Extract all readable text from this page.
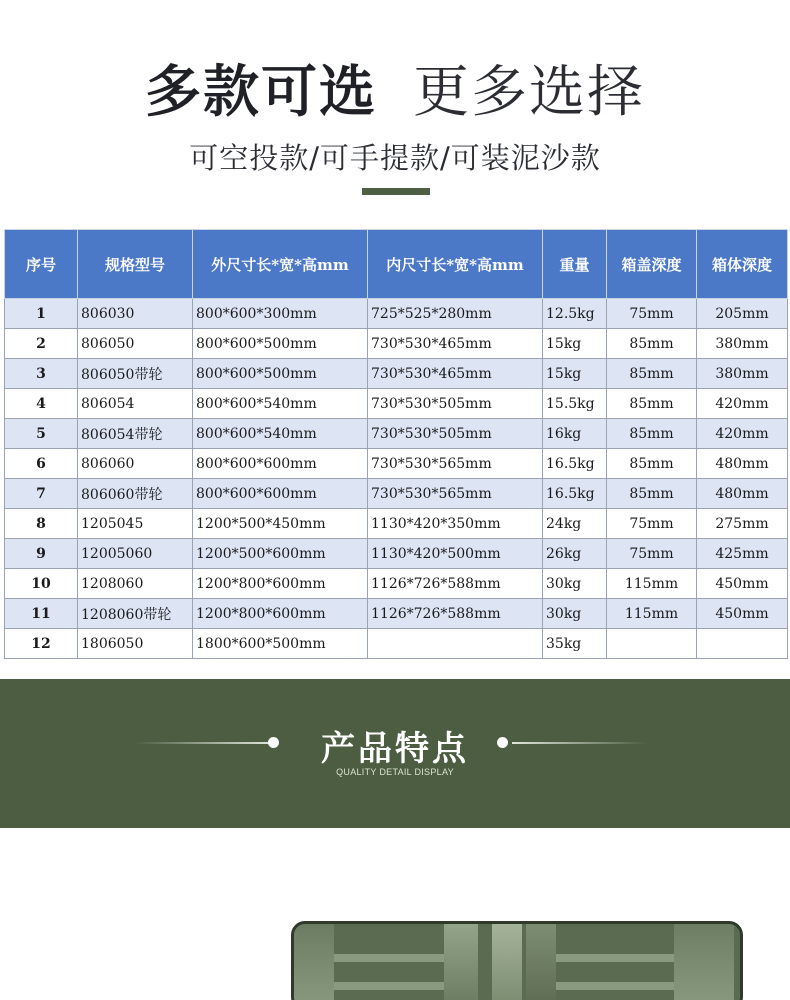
多款可选 更多选择
可空投款/可手提款/可装泥沙款
序号	规格型号	外尺寸长*宽*高mm	内尺寸长*宽*高mm	重量	箱盖深度	箱体深度
1	806030	800*600*300mm	725*525*280mm	12.5kg	75mm	205mm
2	806050	800*600*500mm	730*530*465mm	15kg	85mm	380mm
3	806050带轮	800*600*500mm	730*530*465mm	15kg	85mm	380mm
4	806054	800*600*540mm	730*530*505mm	15.5kg	85mm	420mm
5	806054带轮	800*600*540mm	730*530*505mm	16kg	85mm	420mm
6	806060	800*600*600mm	730*530*565mm	16.5kg	85mm	480mm
7	806060带轮	800*600*600mm	730*530*565mm	16.5kg	85mm	480mm
8	1205045	1200*500*450mm	1130*420*350mm	24kg	75mm	275mm
9	12005060	1200*500*600mm	1130*420*500mm	26kg	75mm	425mm
10	1208060	1200*800*600mm	1126*726*588mm	30kg	115mm	450mm
11	1208060带轮	1200*800*600mm	1126*726*588mm	30kg	115mm	450mm
12	1806050	1800*600*500mm		35kg		
产品特点
QUALITY DETAIL DISPLAY
